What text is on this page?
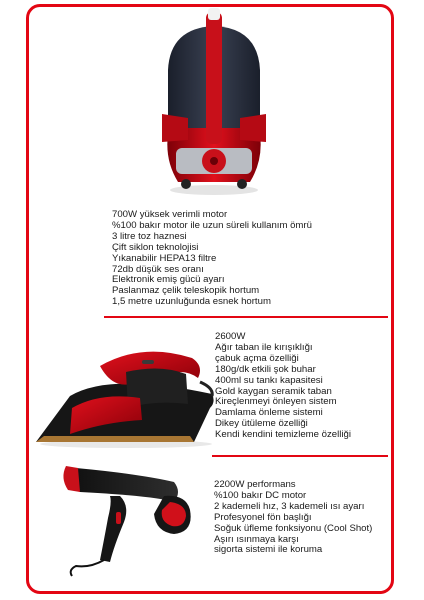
700W yüksek verimli motor
%100 bakır motor ile uzun süreli kullanım ömrü
3 litre toz haznesi
Çift siklon teknolojisi
Yıkanabilir HEPA13 filtre
72db düşük ses oranı
Elektronik emiş gücü ayarı
Paslanmaz çelik teleskopik hortum
1,5 metre uzunluğunda esnek hortum
2600W
Ağır taban ile kırışıklığı
çabuk açma özelliği
180g/dk etkili şok buhar
400ml su tankı kapasitesi
Gold kaygan seramik taban
Kireçlenmeyi önleyen sistem
Damlama önleme sistemi
Dikey ütüleme özelliği
Kendi kendini temizleme özelliği
2200W performans
%100 bakır DC motor
2 kademeli hız, 3 kademeli ısı ayarı
Profesyonel fön başlığı
Soğuk üfleme fonksiyonu (Cool Shot)
Aşırı ısınmaya karşı
sigorta sistemi ile koruma
